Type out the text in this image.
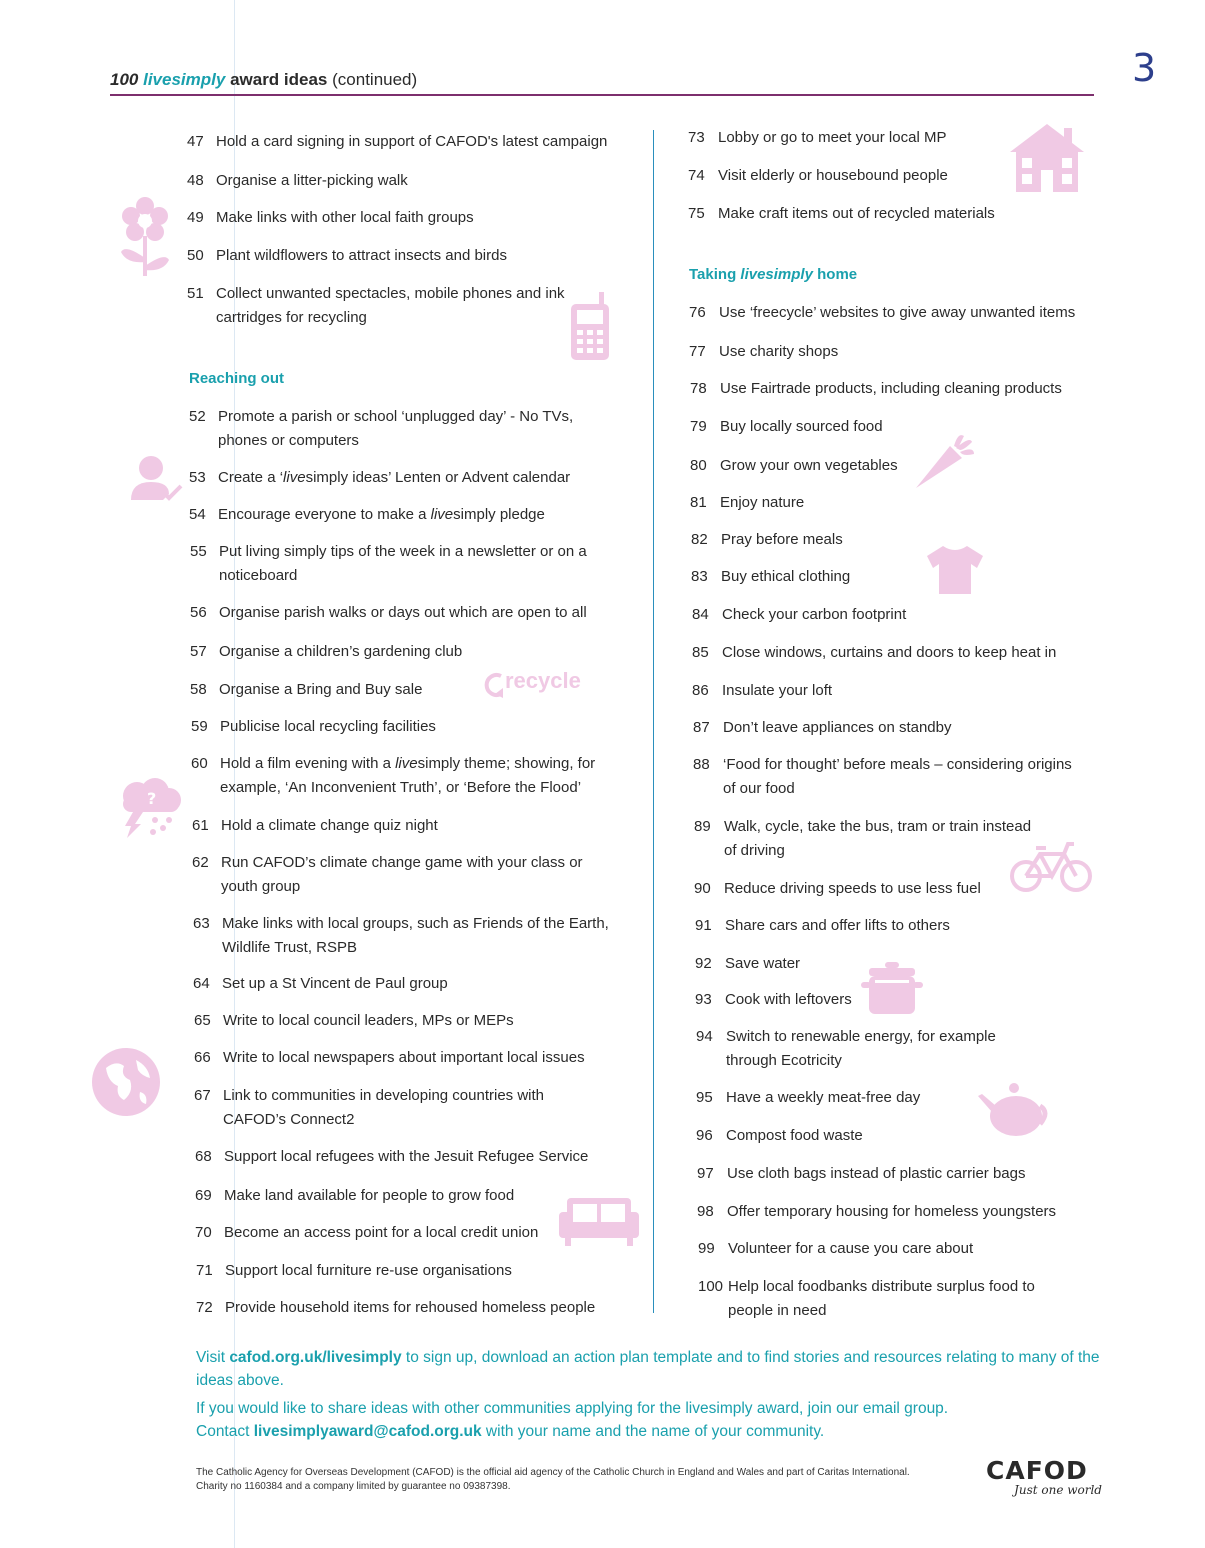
3
100 livesimply award ideas (continued)
47 Hold a card signing in support of CAFOD's latest campaign
48 Organise a litter-picking walk
49 Make links with other local faith groups
50 Plant wildflowers to attract insects and birds
51 Collect unwanted spectacles, mobile phones and ink
cartridges for recycling
Reaching out
52 Promote a parish or school ‘unplugged day’ - No TVs,
phones or computers
53 Create a ‘livesimply ideas’ Lenten or Advent calendar
54 Encourage everyone to make a livesimply pledge
55 Put living simply tips of the week in a newsletter or on a
noticeboard
56 Organise parish walks or days out which are open to all
57 Organise a children’s gardening club
58 Organise a Bring and Buy sale
59 Publicise local recycling facilities
60 Hold a film evening with a livesimply theme; showing, for
example, ‘An Inconvenient Truth’, or ‘Before the Flood’
61 Hold a climate change quiz night
62 Run CAFOD’s climate change game with your class or
youth group
63 Make links with local groups, such as Friends of the Earth,
Wildlife Trust, RSPB
64 Set up a St Vincent de Paul group
65 Write to local council leaders, MPs or MEPs
66 Write to local newspapers about important local issues
67 Link to communities in developing countries with
CAFOD’s Connect2
68 Support local refugees with the Jesuit Refugee Service
69 Make land available for people to grow food
70 Become an access point for a local credit union
71 Support local furniture re-use organisations
72 Provide household items for rehoused homeless people
73 Lobby or go to meet your local MP
74 Visit elderly or housebound people
75 Make craft items out of recycled materials
Taking livesimply home
76 Use ‘freecycle’ websites to give away unwanted items
77 Use charity shops
78 Use Fairtrade products, including cleaning products
79 Buy locally sourced food
80 Grow your own vegetables
81 Enjoy nature
82 Pray before meals
83 Buy ethical clothing
84 Check your carbon footprint
85 Close windows, curtains and doors to keep heat in
86 Insulate your loft
87 Don’t leave appliances on standby
88 ‘Food for thought’ before meals – considering origins
of our food
89 Walk, cycle, take the bus, tram or train instead
of driving
90 Reduce driving speeds to use less fuel
91 Share cars and offer lifts to others
92 Save water
93 Cook with leftovers
94 Switch to renewable energy, for example
through Ecotricity
95 Have a weekly meat-free day
96 Compost food waste
97 Use cloth bags instead of plastic carrier bags
98 Offer temporary housing for homeless youngsters
99 Volunteer for a cause you care about
100 Help local foodbanks distribute surplus food to
people in need
recycle
?
Visit cafod.org.uk/livesimply to sign up, download an action plan template and to find stories and resources relating to many of the ideas above.
If you would like to share ideas with other communities applying for the livesimply award, join our email group.
Contact livesimplyaward@cafod.org.uk with your name and the name of your community.
The Catholic Agency for Overseas Development (CAFOD) is the official aid agency of the Catholic Church in England and Wales and part of Caritas International. Charity no 1160384 and a company limited by guarantee no 09387398.
CAFOD
Just one world
